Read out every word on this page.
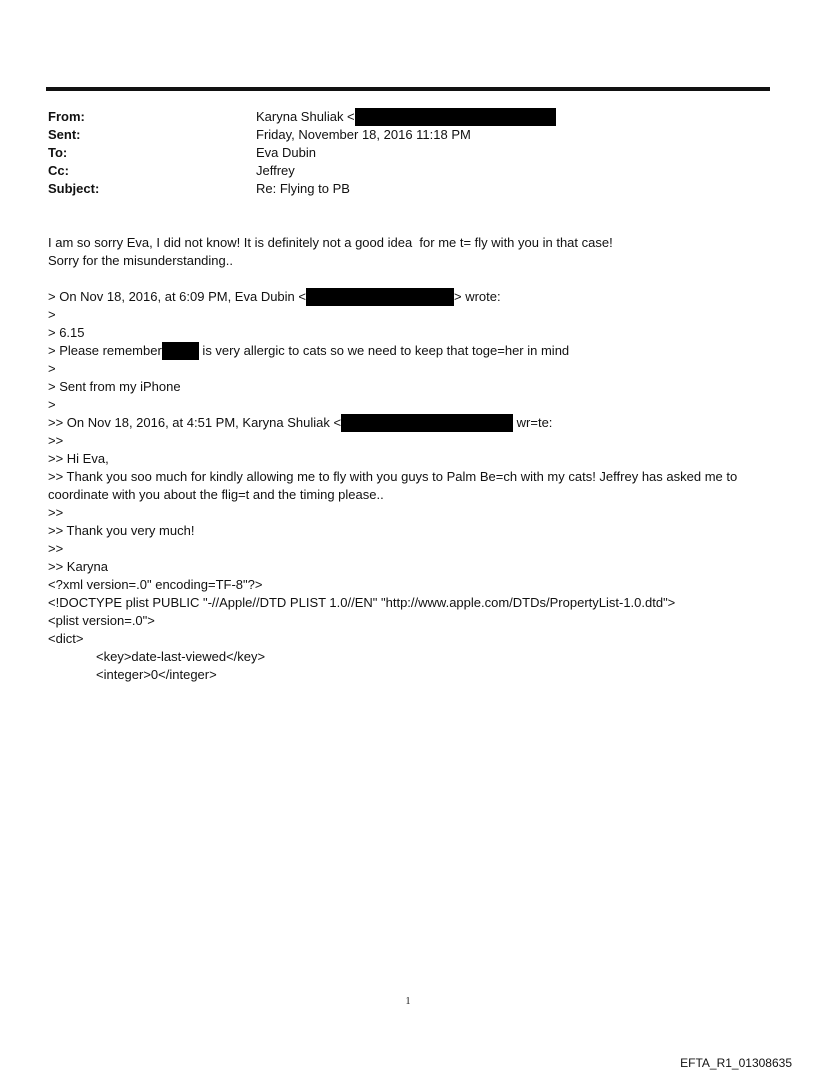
From:	Karyna Shuliak <
Sent:	Friday, November 18, 2016 11:18 PM
To:	Eva Dubin
Cc:	Jeffrey
Subject:	Re: Flying to PB
I am so sorry Eva, I did not know! It is definitely not a good idea  for me t= fly with you in that case!
Sorry for the misunderstanding..
> On Nov 18, 2016, at 6:09 PM, Eva Dubin <	> wrote:
>
> 6.15
> Please remember	is very allergic to cats so we need to keep that toge=her in mind
>
> Sent from my iPhone
>
>> On Nov 18, 2016, at 4:51 PM, Karyna Shuliak <	wr=te:
>>
>> Hi Eva,
>> Thank you soo much for kindly allowing me to fly with you guys to Palm Be=ch with my cats! Jeffrey has asked me to coordinate with you about the flig=t and the timing please..
>>
>> Thank you very much!
>>
>> Karyna
<?xml version=.0" encoding=TF-8"?>
<!DOCTYPE plist PUBLIC "-//Apple//DTD PLIST 1.0//EN" "http://www.apple.com/DTDs/PropertyList-1.0.dtd">
<plist version=.0">
<dict>
<key>date-last-viewed</key>
<integer>0</integer>
1
EFTA_R1_01308635
